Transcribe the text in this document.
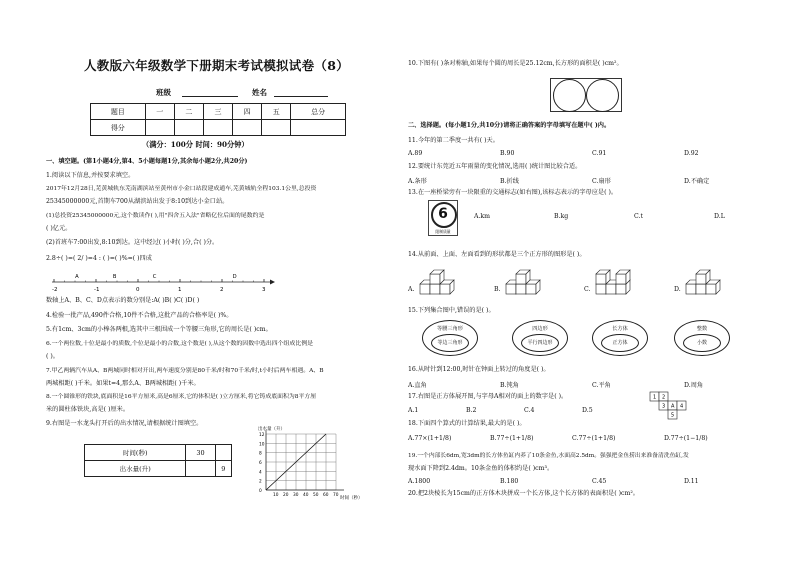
人教版六年级数学下册期末考试模拟试卷（8）
班级	姓名
题目	一	二	三	四	五	总分
得分						
（满分：100分 时间：90分钟）
一、填空题。(第1小题4分,第4、5小题每题1分,其余每小题2分,共20分)
1.阅读以下信息,并按要求填空。
2017年12月28日,芜黄城轨东芜南湖滨站至黄州市小金口站段建成通车,芜黄城轨全程103.1公里,总投资
25345000000元,首期车700从湖滨站出发于8:10到达小金口站。
(1)总投资25345000000元,这个数读作( ),用"四舍五入法"省略亿位后面的尾数约是
( )亿元。
(2)首班车7:00出发,8:10到达。这中经过( )小时( )分,合( )分。
2.8÷( )=( 2/ )=4 : ( )=( )%=( )四成
-2	-1	0	1	2	3
A	B	C	D
数轴上A、B、C、D点表示的数分别是:A( )B( )C( )D( )
4.检验一批产品,490件合格,10件不合格,这批产品的合格率是( )%。
5.有1cm、3cm的小棒各两根,选其中三根围成一个等腰三角形,它的周长是( )cm。
6.一个两位数,十位是最小的质数,个位是最小的合数,这个数是( ),从这个数的因数中选出四个组成比例是
( )。
7.甲乙两辆汽车从A、B两城同时相对开出,两车速度分别是80千米/时和70千米/时,t小时后两车相遇。A、B
两城相距( )千米。如果t=4,那么A、B两城相距( )千米。
8.一个圆锥形的铁块,底面积是16平方厘米,高是6厘米,它的体积是( )立方厘米,将它铸成底面积为8平方厘
米的圆柱体铁块,高是( )厘米。
9.右图是一水龙头打开后的出水情况,请根据统计图填空。
时间(秒)	30	
出水量(升)		9
12
10
8
6
4
2
0
10 20 30 40 50 60 70
出水量（升）
时间（秒）
10.下图有( )条对称轴,如果每个圆的周长是25.12cm,长方形的面积是( )cm²。
二、选择题。(每小题1分,共10分)请将正确答案的字母填写在题中( )内。
11.今年的第二季度一共有( )天。
A.89	B.90	C.91	D.92
12.要统计东莞近五年雨量的变化情况,选用( )统计图比较合适。
A.条形	B.折线	C.扇形	D.不确定
13.在一座桥梁旁有一块限重的交通标志(如右图),该标志表示的字母应是( )。
6
限制质量
A.km	B.kg	C.t	D.L
14.从前面、上面、左面看到的形状都是三个正方形的图形是( )。
A.	B.	C.	D.
15.下列集合图中,错误的是( )。
等腰三角形
等边三角形
四边形
平行四边形
长方体
正方体
整数
小数
16.从时针到12:00,时针在钟面上转过的角度是( )。
A.直角	B.钝角	C.平角	D.周角
17.右图是正方体展开图,与字母A相对的面上的数字是( )。
A.1	B.2	C.4	D.5
1 2
3 A 4
5
18.下面四个算式的计算结果,最大的是( )。
A.77×(1+1/8)	B.77÷(1+1/8)	C.77÷(1+1/8)	D.77÷(1−1/8)
19.一个内部长6dm,宽3dm的长方体鱼缸内养了10条金鱼,水面高2.5dm。强强把金鱼捞出来准备清洗鱼缸,发
现水面下降到2.4dm。10条金鱼的体积约是( )cm³。
A.1800	B.180	C.45	D.11
20.把2块棱长为15cm的正方体木块拼成一个长方体,这个长方体的表面积是( )cm²。
